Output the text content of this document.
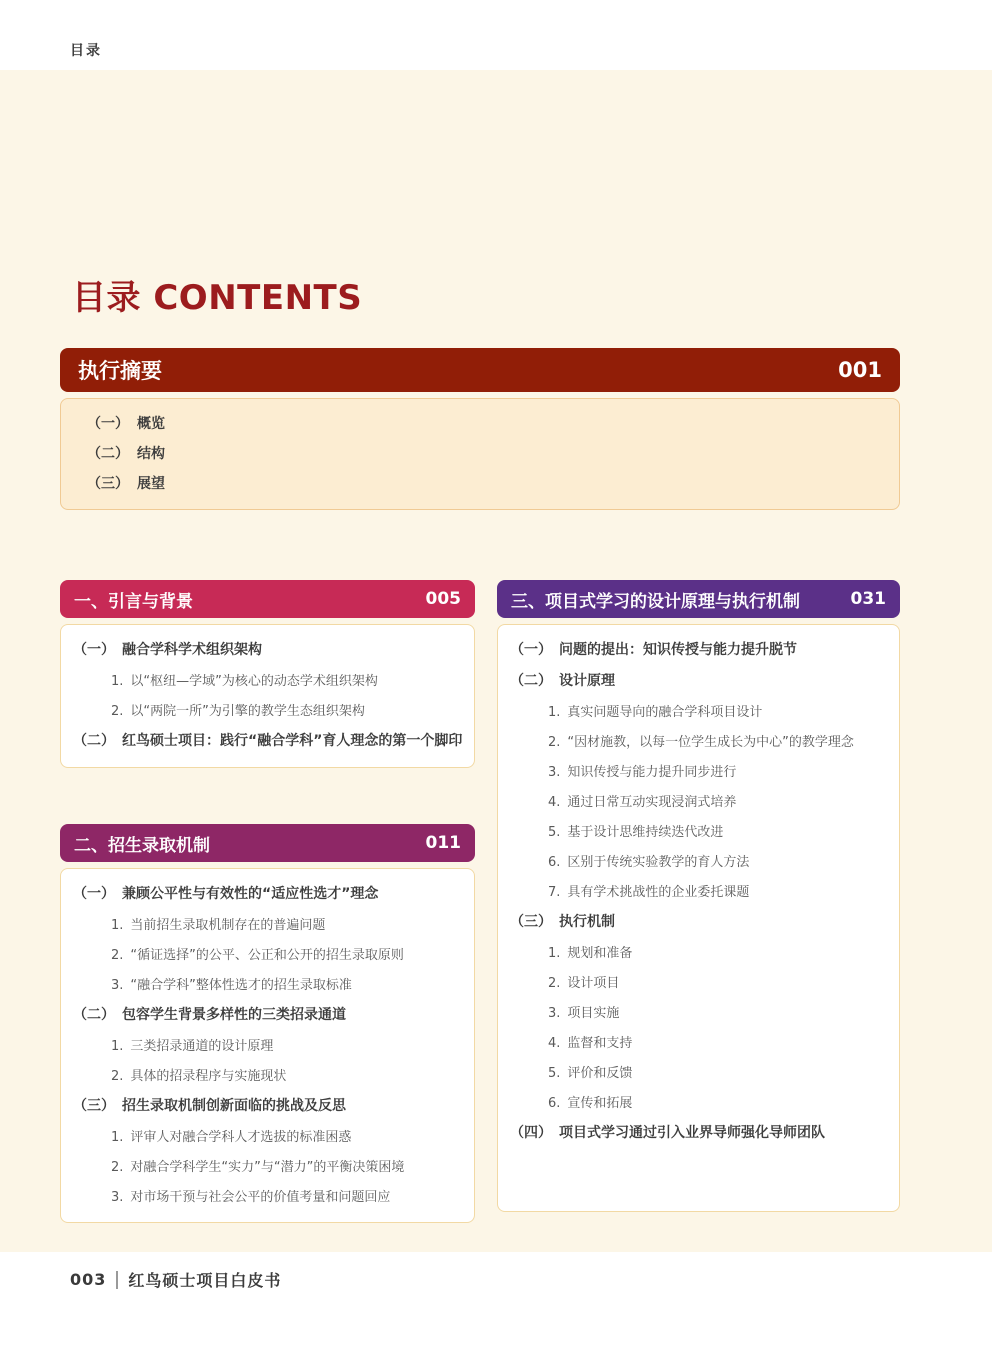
目录
目录 CONTENTS
执行摘要	001
（一） 概览
（二） 结构
（三） 展望
一、引言与背景	005
（一） 融合学科学术组织架构
1. 以“枢纽—学域”为核心的动态学术组织架构
2. 以“两院一所”为引擎的教学生态组织架构
（二） 红鸟硕士项目：践行“融合学科”育人理念的第一个脚印
二、招生录取机制	011
（一） 兼顾公平性与有效性的“适应性选才”理念
1. 当前招生录取机制存在的普遍问题
2. “循证选择”的公平、公正和公开的招生录取原则
3. “融合学科”整体性选才的招生录取标准
（二） 包容学生背景多样性的三类招录通道
1. 三类招录通道的设计原理
2. 具体的招录程序与实施现状
（三） 招生录取机制创新面临的挑战及反思
1. 评审人对融合学科人才选拔的标准困惑
2. 对融合学科学生“实力”与“潜力”的平衡决策困境
3. 对市场干预与社会公平的价值考量和问题回应
三、项目式学习的设计原理与执行机制	031
（一） 问题的提出：知识传授与能力提升脱节
（二） 设计原理
1. 真实问题导向的融合学科项目设计
2. “因材施教，以每一位学生成长为中心”的教学理念
3. 知识传授与能力提升同步进行
4. 通过日常互动实现浸润式培养
5. 基于设计思维持续迭代改进
6. 区别于传统实验教学的育人方法
7. 具有学术挑战性的企业委托课题
（三） 执行机制
1. 规划和准备
2. 设计项目
3. 项目实施
4. 监督和支持
5. 评价和反馈
6. 宣传和拓展
（四） 项目式学习通过引入业界导师强化导师团队
003 红鸟硕士项目白皮书
